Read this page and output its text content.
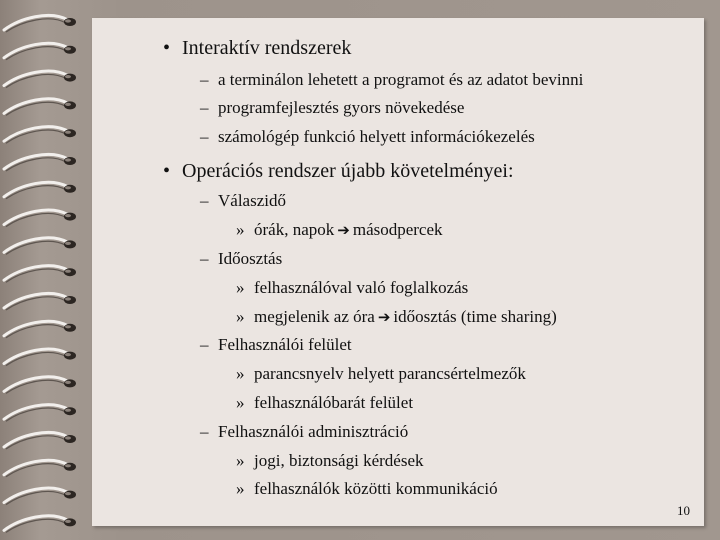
• Interaktív rendszerek
– a terminálon lehetett a programot és az adatot bevinni
– programfejlesztés gyors növekedése
– számológép funkció helyett információkezelés
• Operációs rendszer újabb követelményei:
– Válaszidő
» órák, napok ➔ másodpercek
– Időosztás
» felhasználóval való foglalkozás
» megjelenik az óra ➔ időosztás (time sharing)
– Felhasználói felület
» parancsnyelv helyett parancsértelmezők
» felhasználóbarát felület
– Felhasználói adminisztráció
» jogi, biztonsági kérdések
» felhasználók közötti kommunikáció
10
